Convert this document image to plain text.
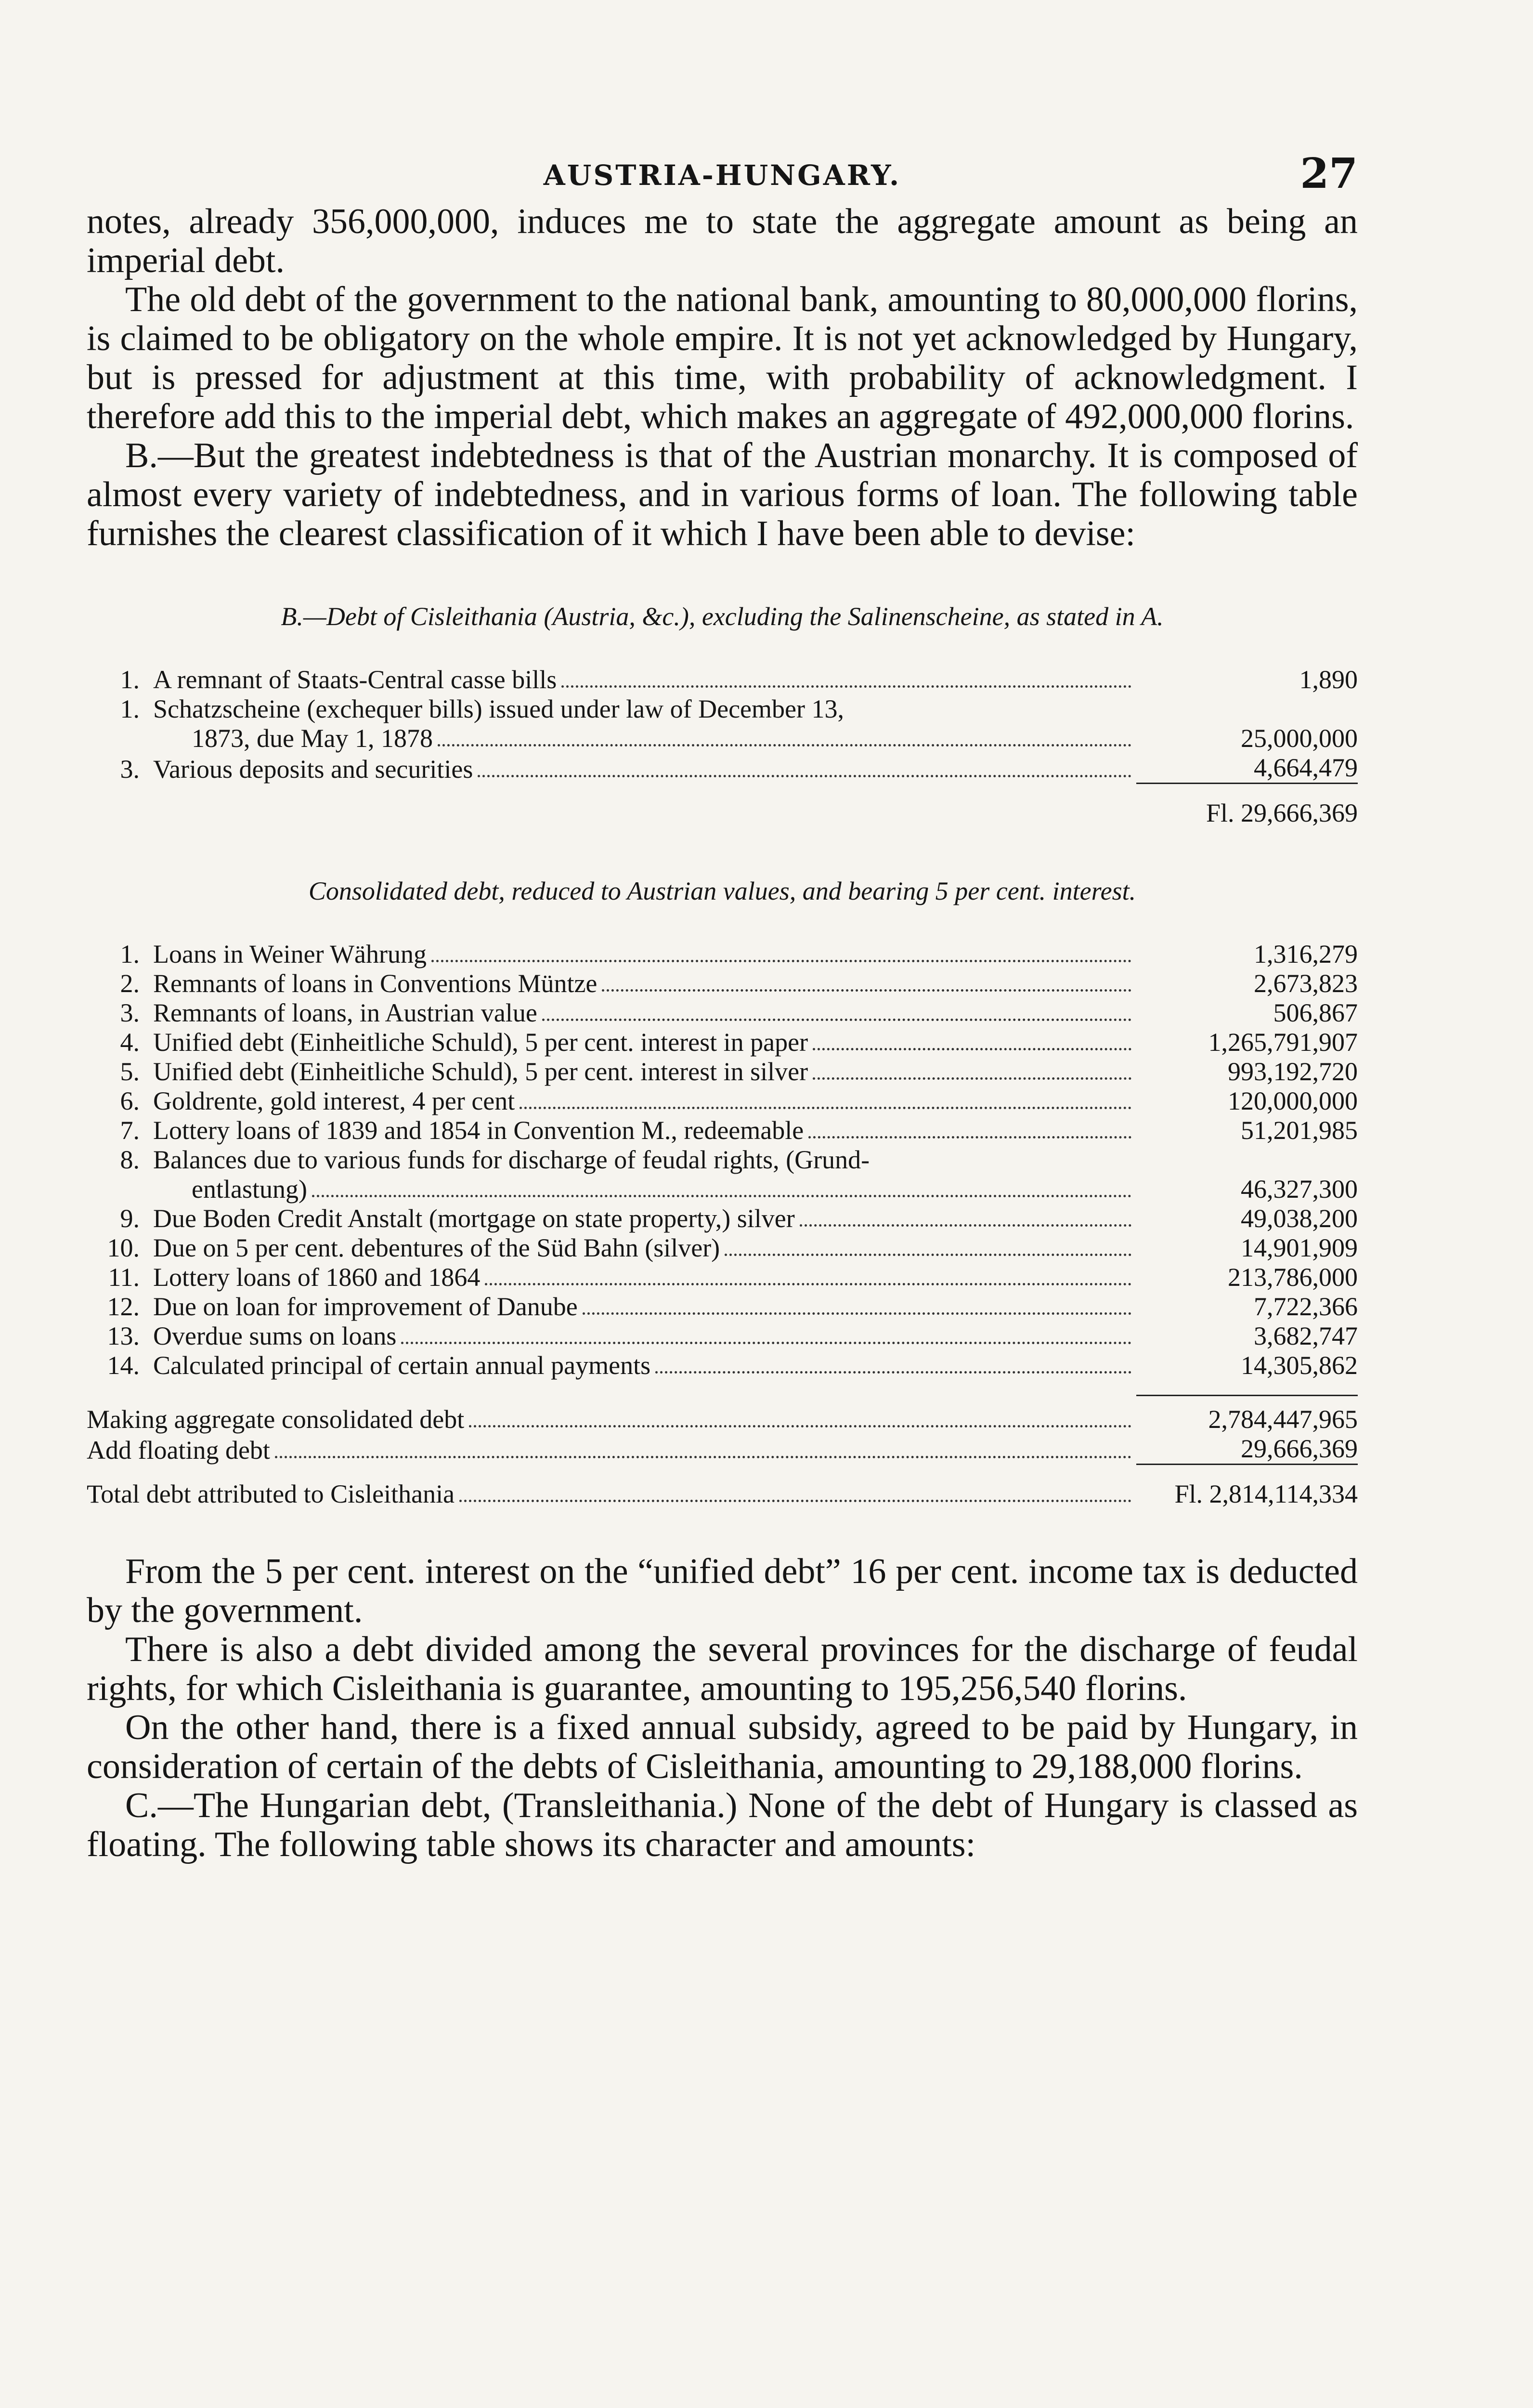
AUSTRIA-HUNGARY.	27

notes, already 356,000,000, induces me to state the aggregate amount as being an imperial debt.

The old debt of the government to the national bank, amounting to 80,000,000 florins, is claimed to be obligatory on the whole empire. It is not yet acknowledged by Hungary, but is pressed for adjustment at this time, with probability of acknowledgment. I therefore add this to the imperial debt, which makes an aggregate of 492,000,000 florins.

B.—But the greatest indebtedness is that of the Austrian monarchy. It is composed of almost every variety of indebtedness, and in various forms of loan. The following table furnishes the clearest classification of it which I have been able to devise:

B.—Debt of Cisleithania (Austria, &c.), excluding the Salinenscheine, as stated in A.
1. A remnant of Staats-Central casse bills	1,890
1. Schatzscheine (exchequer bills) issued under law of December 13,
1873, due May 1, 1878	25,000,000
3. Various deposits and securities	4,664,479
Fl. 29,666,369
Consolidated debt, reduced to Austrian values, and bearing 5 per cent. interest.
1. Loans in Weiner Währung	1,316,279
2. Remnants of loans in Conventions Müntze	2,673,823
3. Remnants of loans, in Austrian value	506,867
4. Unified debt (Einheitliche Schuld), 5 per cent. interest in paper	1,265,791,907
5. Unified debt (Einheitliche Schuld), 5 per cent. interest in silver	993,192,720
6. Goldrente, gold interest, 4 per cent	120,000,000
7. Lottery loans of 1839 and 1854 in Convention M., redeemable	51,201,985
8. Balances due to various funds for discharge of feudal rights, (Grund-
entlastung)	46,327,300
9. Due Boden Credit Anstalt (mortgage on state property,) silver	49,038,200
10. Due on 5 per cent. debentures of the Süd Bahn (silver)	14,901,909
11. Lottery loans of 1860 and 1864	213,786,000
12. Due on loan for improvement of Danube	7,722,366
13. Overdue sums on loans	3,682,747
14. Calculated principal of certain annual payments	14,305,862
Making aggregate consolidated debt	2,784,447,965
Add floating debt	29,666,369
Total debt attributed to Cisleithania	Fl. 2,814,114,334

From the 5 per cent. interest on the “unified debt” 16 per cent. income tax is deducted by the government.

There is also a debt divided among the several provinces for the discharge of feudal rights, for which Cisleithania is guarantee, amounting to 195,256,540 florins.

On the other hand, there is a fixed annual subsidy, agreed to be paid by Hungary, in consideration of certain of the debts of Cisleithania, amounting to 29,188,000 florins.

C.—The Hungarian debt, (Transleithania.) None of the debt of Hungary is classed as floating. The following table shows its character and amounts:
